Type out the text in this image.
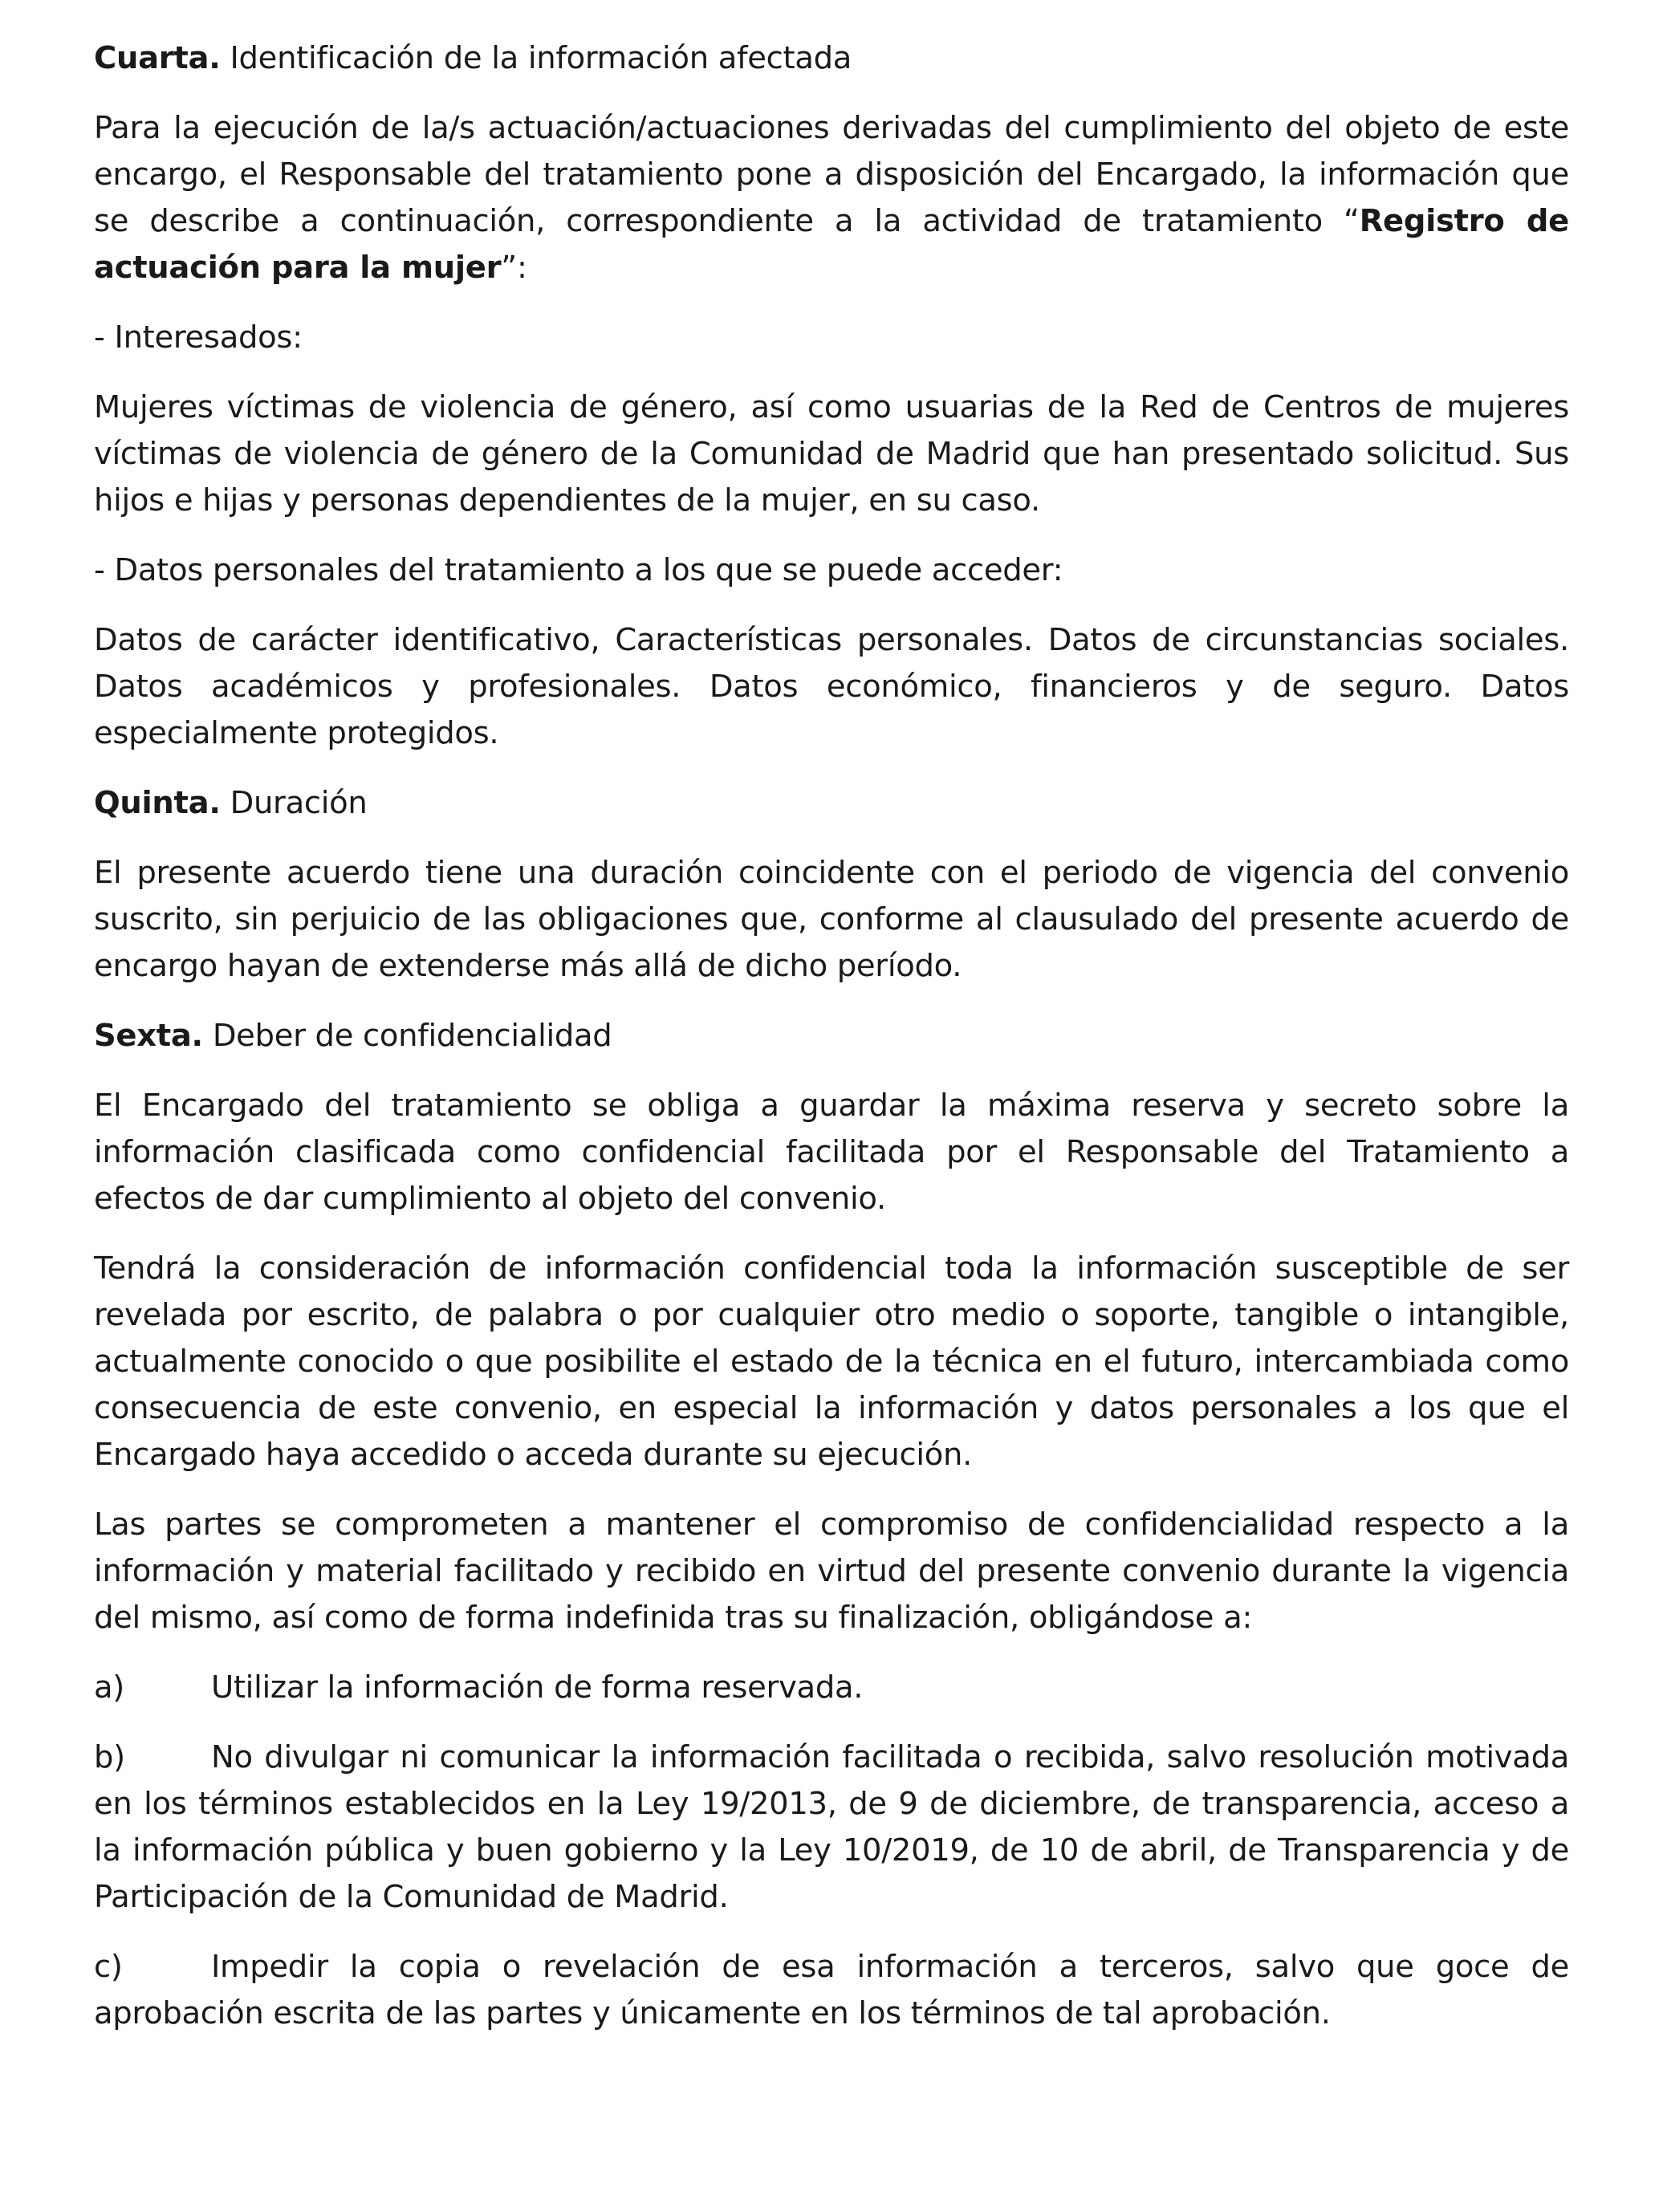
Cuarta. Identificación de la información afectada

Para la ejecución de la/s actuación/actuaciones derivadas del cumplimiento del objeto de este encargo, el Responsable del tratamiento pone a disposición del Encargado, la información que se describe a continuación, correspondiente a la actividad de tratamiento “Registro de actuación para la mujer”:

- Interesados:

Mujeres víctimas de violencia de género, así como usuarias de la Red de Centros de mujeres víctimas de violencia de género de la Comunidad de Madrid que han presentado solicitud. Sus hijos e hijas y personas dependientes de la mujer, en su caso.

- Datos personales del tratamiento a los que se puede acceder:

Datos de carácter identificativo, Características personales. Datos de circunstancias sociales. Datos académicos y profesionales. Datos económico, financieros y de seguro. Datos especialmente protegidos.

Quinta. Duración

El presente acuerdo tiene una duración coincidente con el periodo de vigencia del convenio suscrito, sin perjuicio de las obligaciones que, conforme al clausulado del presente acuerdo de encargo hayan de extenderse más allá de dicho período.

Sexta. Deber de confidencialidad

El Encargado del tratamiento se obliga a guardar la máxima reserva y secreto sobre la información clasificada como confidencial facilitada por el Responsable del Tratamiento a efectos de dar cumplimiento al objeto del convenio.

Tendrá la consideración de información confidencial toda la información susceptible de ser revelada por escrito, de palabra o por cualquier otro medio o soporte, tangible o intangible, actualmente conocido o que posibilite el estado de la técnica en el futuro, intercambiada como consecuencia de este convenio, en especial la información y datos personales a los que el Encargado haya accedido o acceda durante su ejecución.

Las partes se comprometen a mantener el compromiso de confidencialidad respecto a la información y material facilitado y recibido en virtud del presente convenio durante la vigencia del mismo, así como de forma indefinida tras su finalización, obligándose a:

a)	Utilizar la información de forma reservada.

b)	No divulgar ni comunicar la información facilitada o recibida, salvo resolución motivada en los términos establecidos en la Ley 19/2013, de 9 de diciembre, de transparencia, acceso a la información pública y buen gobierno y la Ley 10/2019, de 10 de abril, de Transparencia y de Participación de la Comunidad de Madrid.

c)	Impedir la copia o revelación de esa información a terceros, salvo que goce de aprobación escrita de las partes y únicamente en los términos de tal aprobación.
